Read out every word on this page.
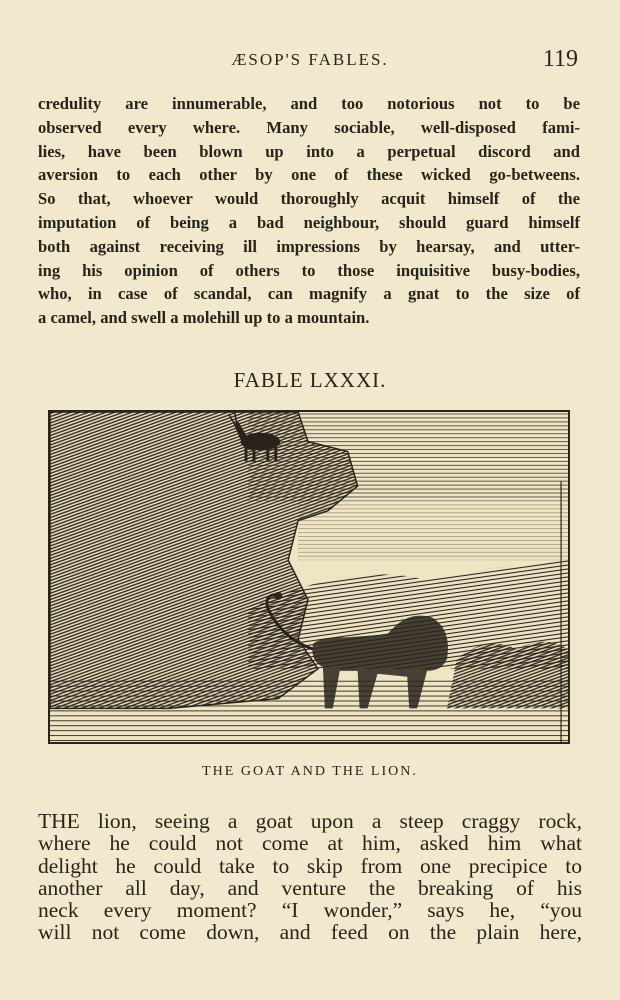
ÆSOP'S FABLES.	119
credulity are innumerable, and too notorious not to be
observed every where. Many sociable, well-disposed fami-
lies, have been blown up into a perpetual discord and
aversion to each other by one of these wicked go-betweens.
So that, whoever would thoroughly acquit himself of the
imputation of being a bad neighbour, should guard himself
both against receiving ill impressions by hearsay, and utter-
ing his opinion of others to those inquisitive busy-bodies,
who, in case of scandal, can magnify a gnat to the size of
a camel, and swell a molehill up to a mountain.
FABLE LXXXI.
THE GOAT AND THE LION.
THE lion, seeing a goat upon a steep craggy rock,
where he could not come at him, asked him what
delight he could take to skip from one precipice to
another all day, and venture the breaking of his
neck every moment? “I wonder,” says he, “you
will not come down, and feed on the plain here,
